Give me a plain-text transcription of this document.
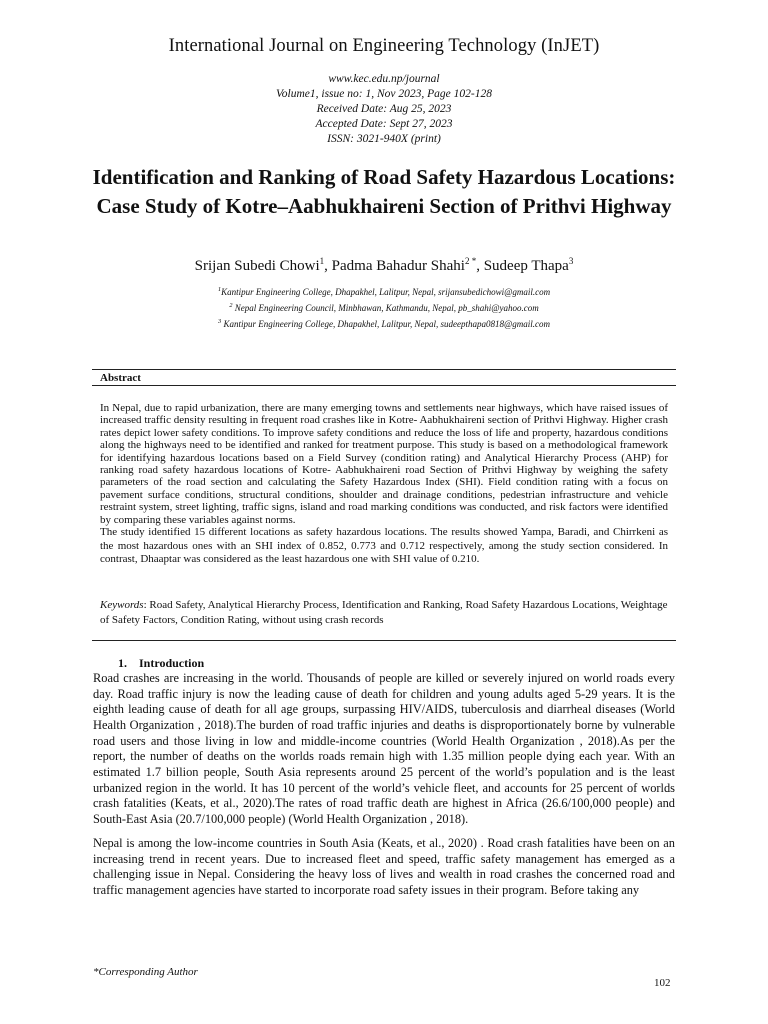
International Journal on Engineering Technology (InJET)
www.kec.edu.np/journal
Volume1, issue no: 1, Nov 2023, Page 102-128
Received Date: Aug 25, 2023
Accepted Date: Sept 27, 2023
ISSN: 3021-940X (print)
Identification and Ranking of Road Safety Hazardous Locations: Case Study of Kotre–Aabhukhaireni Section of Prithvi Highway
Srijan Subedi Chowi$^1$, Padma Bahadur Shahi$^{2 *}$, Sudeep Thapa$^3$
$^1$Kantipur Engineering College, Dhapakhel, Lalitpur, Nepal, srijansubedichowi@gmail.com
$^2$ Nepal Engineering Council, Minbhawan, Kathmandu, Nepal, pb_shahi@yahoo.com
$^3$ Kantipur Engineering College, Dhapakhel, Lalitpur, Nepal, sudeepthapa0818@gmail.com
Abstract

In Nepal, due to rapid urbanization, there are many emerging towns and settlements near highways, which have raised issues of increased traffic density resulting in frequent road crashes like in Kotre- Aabhukhaireni section of Prithvi Highway. Higher crash rates depict lower safety conditions. To improve safety conditions and reduce the loss of life and property, hazardous conditions along the highways need to be identified and ranked for treatment purpose. This study is based on a methodological framework for identifying hazardous locations based on a Field Survey (condition rating) and Analytical Hierarchy Process (AHP) for ranking road safety hazardous locations of Kotre- Aabhukhaireni road Section of Prithvi Highway by weighing the safety parameters of the road section and calculating the Safety Hazardous Index (SHI). Field condition rating with a focus on pavement surface conditions, structural conditions, shoulder and drainage conditions, pedestrian infrastructure and vehicle restraint system, street lighting, traffic signs, island and road marking conditions was conducted, and risk factors were identified by comparing these variables against norms.

The study identified 15 different locations as safety hazardous locations. The results showed Yampa, Baradi, and Chirrkeni as the most hazardous ones with an SHI index of 0.852, 0.773 and 0.712 respectively, among the study section considered. In contrast, Dhaaptar was considered as the least hazardous one with SHI value of 0.210.

Keywords: Road Safety, Analytical Hierarchy Process, Identification and Ranking, Road Safety Hazardous Locations, Weightage of Safety Factors, Condition Rating, without using crash records
1. Introduction

Road crashes are increasing in the world. Thousands of people are killed or severely injured on world roads every day. Road traffic injury is now the leading cause of death for children and young adults aged 5-29 years. It is the eighth leading cause of death for all age groups, surpassing HIV/AIDS, tuberculosis and diarrheal diseases (World Health Organization , 2018).The burden of road traffic injuries and deaths is disproportionately borne by vulnerable road users and those living in low and middle-income countries (World Health Organization , 2018).As per the report, the number of deaths on the worlds roads remain high with 1.35 million people dying each year. With an estimated 1.7 billion people, South Asia represents around 25 percent of the world’s population and is the least urbanized region in the world. It has 10 percent of the world’s vehicle fleet, and accounts for 25 percent of worlds crash fatalities (Keats, et al., 2020).The rates of road traffic death are highest in Africa (26.6/100,000 people) and South-East Asia (20.7/100,000 people) (World Health Organization , 2018).

Nepal is among the low-income countries in South Asia (Keats, et al., 2020) . Road crash fatalities have been on an increasing trend in recent years. Due to increased fleet and speed, traffic safety management has emerged as a challenging issue in Nepal. Considering the heavy loss of lives and wealth in road crashes the concerned road and traffic management agencies have started to incorporate road safety issues in their program. Before taking any

*Corresponding Author
102
